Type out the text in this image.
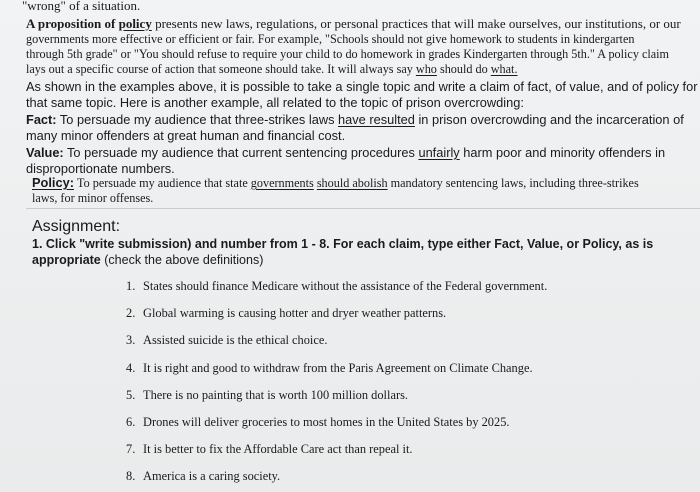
"wrong" of a situation.
A proposition of policy presents new laws, regulations, or personal practices that will make ourselves, our institutions, or our
governments more effective or efficient or fair. For example, "Schools should not give homework to students in kindergarten
through 5th grade" or "You should refuse to require your child to do homework in grades Kindergarten through 5th." A policy claim
lays out a specific course of action that someone should take. It will always say who should do what.
As shown in the examples above, it is possible to take a single topic and write a claim of fact, of value, and of policy for
that same topic. Here is another example, all related to the topic of prison overcrowding:
Fact: To persuade my audience that three-strikes laws have resulted in prison overcrowding and the incarceration of
many minor offenders at great human and financial cost.
Value: To persuade my audience that current sentencing procedures unfairly harm poor and minority offenders in
disproportionate numbers.
Policy: To persuade my audience that state governments should abolish mandatory sentencing laws, including three-strikes
laws, for minor offenses.
Assignment:
1. Click "write submission) and number from 1 - 8. For each claim, type either Fact, Value, or Policy, as is appropriate (check the above definitions)
1. States should finance Medicare without the assistance of the Federal government.
2. Global warming is causing hotter and dryer weather patterns.
3. Assisted suicide is the ethical choice.
4. It is right and good to withdraw from the Paris Agreement on Climate Change.
5. There is no painting that is worth 100 million dollars.
6. Drones will deliver groceries to most homes in the United States by 2025.
7. It is better to fix the Affordable Care act than repeal it.
8. America is a caring society.
